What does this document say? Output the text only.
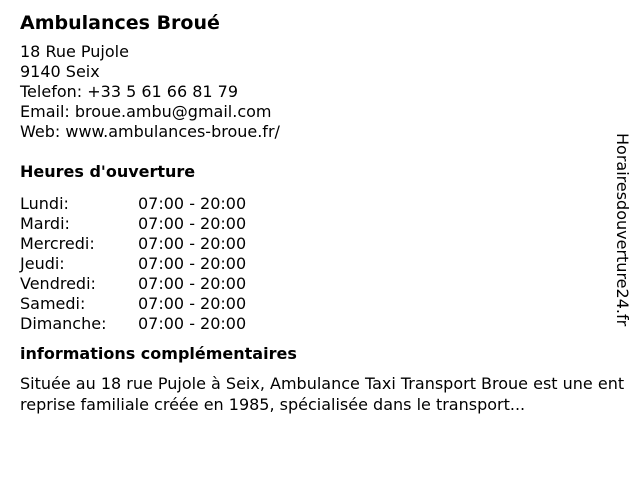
Ambulances Broué
18 Rue Pujole
9140 Seix
Telefon: +33 5 61 66 81 79
Email: broue.ambu@gmail.com
Web: www.ambulances-broue.fr/
Heures d'ouverture
Lundi:	07:00 - 20:00
Mardi:	07:00 - 20:00
Mercredi:	07:00 - 20:00
Jeudi:	07:00 - 20:00
Vendredi:	07:00 - 20:00
Samedi:	07:00 - 20:00
Dimanche:	07:00 - 20:00
informations complémentaires

Située au 18 rue Pujole à Seix, Ambulance Taxi Transport Broue est une entreprise familiale créée en 1985, spécialisée dans le transport...

Horairesdouverture24.fr
